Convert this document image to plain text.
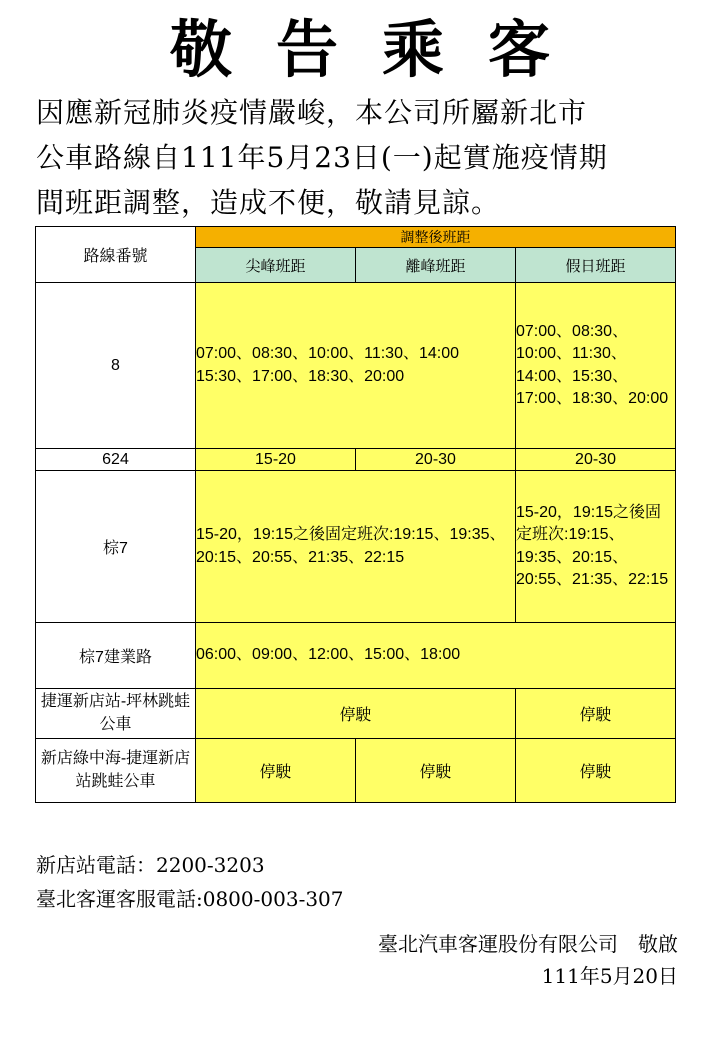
敬告乘客
因應新冠肺炎疫情嚴峻，本公司所屬新北市
公車路線自111年5月23日(一)起實施疫情期
間班距調整，造成不便，敬請見諒。
路線番號	調整後班距		
	尖峰班距	離峰班距	假日班距
8	07:00、08:30、10:00、11:30、14:00 15:30、17:00、18:30、20:00		07:00、08:30、10:00、11:30、14:00、15:30、17:00、18:30、20:00
624	15-20	20-30	20-30
棕7	15-20，19:15之後固定班次:19:15、19:35、20:15、20:55、21:35、22:15		15-20，19:15之後固定班次:19:15、19:35、20:15、20:55、21:35、22:15
棕7建業路	06:00、09:00、12:00、15:00、18:00		
捷運新店站-坪林跳蛙公車	停駛		停駛
新店綠中海-捷運新店站跳蛙公車	停駛	停駛	停駛
新店站電話：2200-3203
臺北客運客服電話:0800-003-307
臺北汽車客運股份有限公司　敬啟
111年5月20日
